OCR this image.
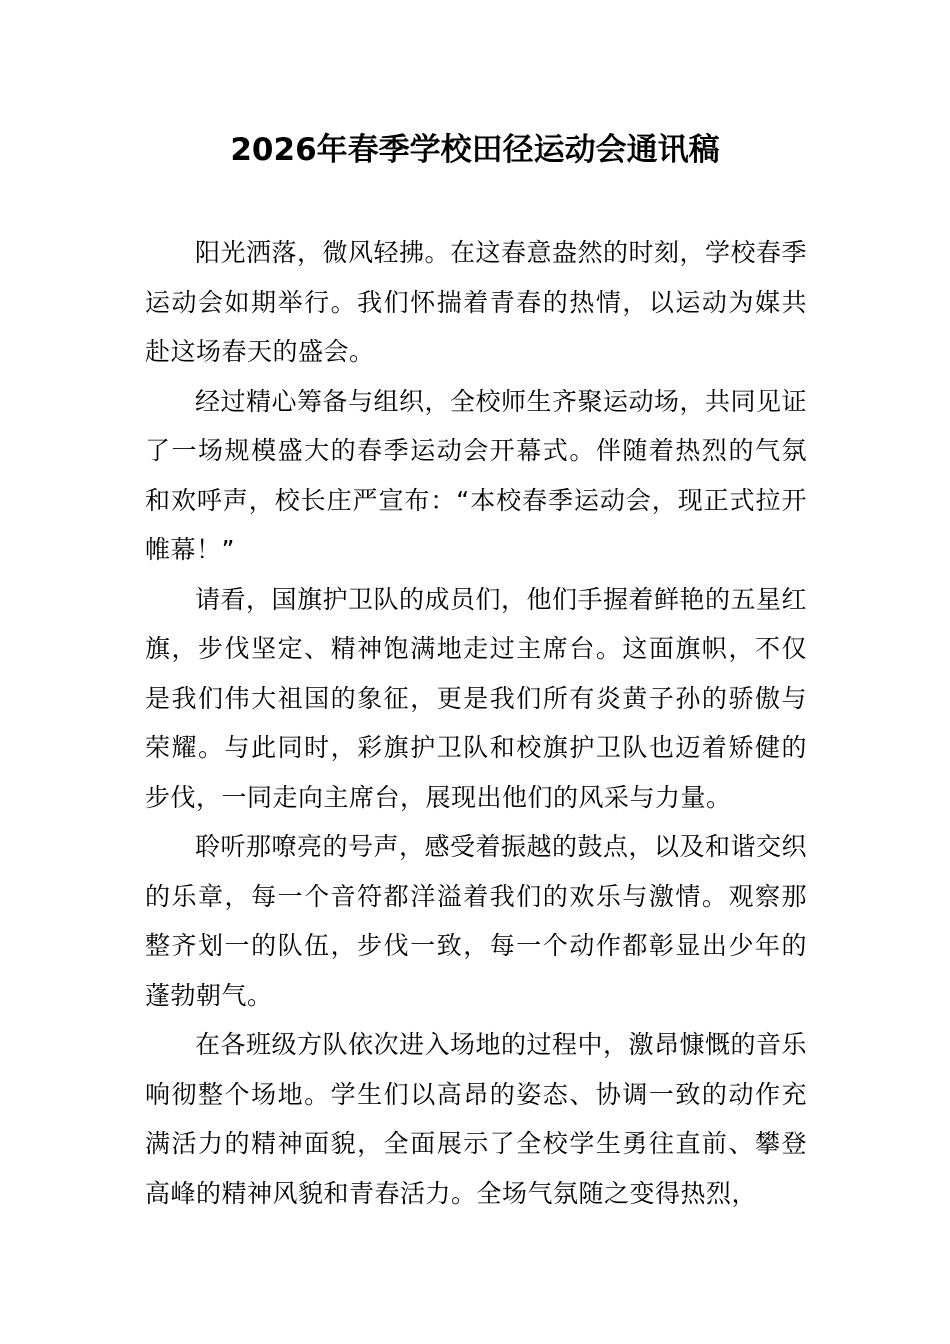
2026年春季学校田径运动会通讯稿

阳光洒落，微风轻拂。在这春意盎然的时刻，学校春季运动会如期举行。我们怀揣着青春的热情，以运动为媒共赴这场春天的盛会。

经过精心筹备与组织，全校师生齐聚运动场，共同见证了一场规模盛大的春季运动会开幕式。伴随着热烈的气氛和欢呼声，校长庄严宣布：“本校春季运动会，现正式拉开帷幕！”

请看，国旗护卫队的成员们，他们手握着鲜艳的五星红旗，步伐坚定、精神饱满地走过主席台。这面旗帜，不仅是我们伟大祖国的象征，更是我们所有炎黄子孙的骄傲与荣耀。与此同时，彩旗护卫队和校旗护卫队也迈着矫健的步伐，一同走向主席台，展现出他们的风采与力量。

聆听那嘹亮的号声，感受着振越的鼓点，以及和谐交织的乐章，每一个音符都洋溢着我们的欢乐与激情。观察那整齐划一的队伍，步伐一致，每一个动作都彰显出少年的蓬勃朝气。

在各班级方队依次进入场地的过程中，激昂慷慨的音乐响彻整个场地。学生们以高昂的姿态、协调一致的动作充满活力的精神面貌，全面展示了全校学生勇往直前、攀登高峰的精神风貌和青春活力。全场气氛随之变得热烈，
